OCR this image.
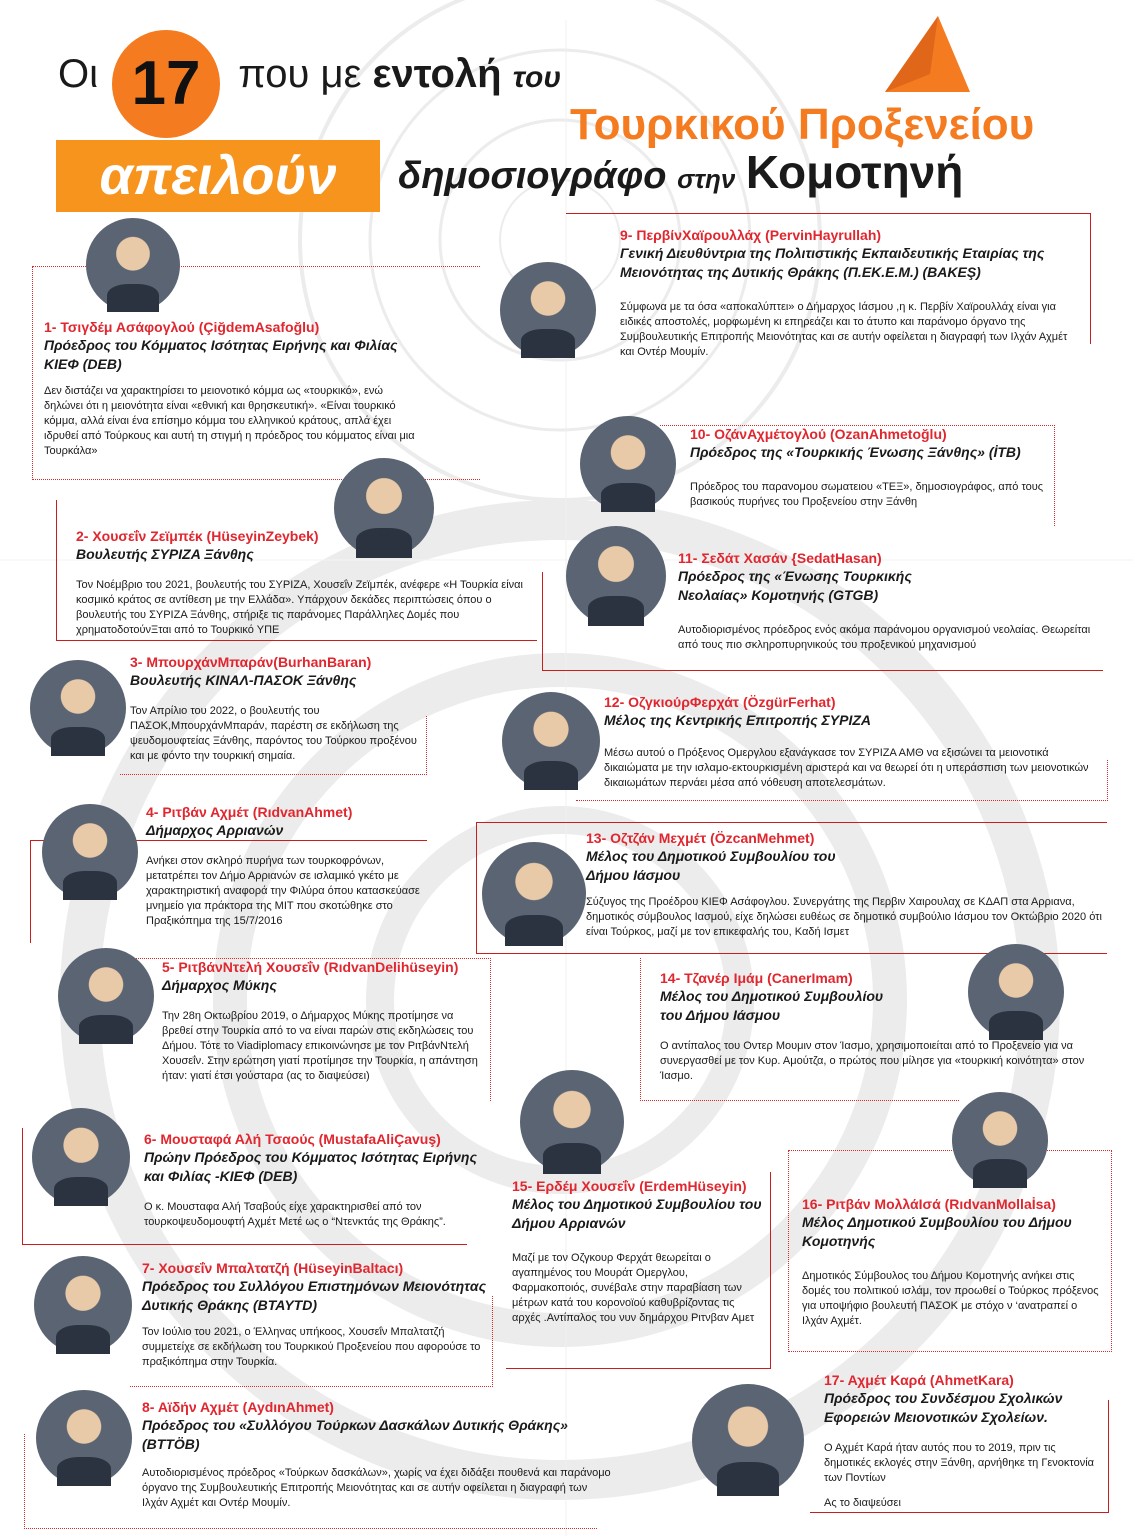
Οι	που με εντολή του
17
Τουρκικού Προξενείου
απειλούν	δημοσιογράφο στην Κομοτηνή
1- Τσιγδέμ Ασάφογλού (ÇiğdemAsafoğlu)
Πρόεδρος του Κόμματος Ισότητας Ειρήνης και Φιλίας ΚΙΕΦ (DEB)
Δεν διστάζει να χαρακτηρίσει το μειονοτικό κόμμα ως «τουρκικό», ενώ δηλώνει ότι η μειονότητα είναι «εθνική και θρησκευτική». «Είναι τουρκικό κόμμα, αλλά είναι ένα επίσημο κόμμα του ελληνικού κράτους, απλά έχει ιδρυθεί από Τούρκους και αυτή τη στιγμή η πρόεδρος του κόμματος είναι μια Τουρκάλα»
9- ΠερβίνΧαϊρουλλάχ (PervinHayrullah)
Γενική Διευθύντρια της Πολιτιστικής Εκπαιδευτικής Εταιρίας της Μειονότητας της Δυτικής Θράκης (Π.ΕΚ.Ε.Μ.) (BAKEŞ)
Σύμφωνα με τα όσα «αποκαλύπτει» ο Δήμαρχος Ιάσμου ,η κ. Περβίν Χαϊρουλλάχ είναι για ειδικές αποστολές, μορφωμένη κι επηρεάζει και το άτυπο και παράνομο όργανο της Συμβουλευτικής Επιτροπής Μειονότητας και σε αυτήν οφείλεται η διαγραφή των Ιλχάν Αχμέτ και Οντέρ Μουμίν.
10- ΟζάνΑχμέτογλού (OzanAhmetoğlu)
Πρόεδρος της «Τουρκικής Ένωσης Ξάνθης» (İTB)
Πρόεδρος του παρανομου σωματειου «ΤΕΞ», δημοσιογράφος, από τους βασικούς πυρήνες του Προξενείου στην Ξάνθη
2- Χουσεΐν Ζεϊμπέκ (HüseyinZeybek)
Βουλευτής ΣΥΡΙΖΑ Ξάνθης
Τον Νοέμβριο του 2021, βουλευτής του ΣΥΡΙΖΑ, Χουσεΐν Ζεϊμπέκ, ανέφερε «Η Τουρκία είναι κοσμικό κράτος σε αντίθεση με την Ελλάδα». Υπάρχουν δεκάδες περιπτώσεις όπου ο βουλευτής του ΣΥΡΙΖΑ Ξάνθης, στήριξε τις παράνομες Παράλληλες Δομές που χρηματοδοτούνΞται από το Τουρκικό ΥΠΕ
11- Σεδάτ Χασάν {SedatHasan)
Πρόεδρος της «Ένωσης Τουρκικής Νεολαίας» Κομοτηνής (GTGB)
Αυτοδιορισμένος πρόεδρος ενός ακόμα παράνομου οργανισμού νεολαίας. Θεωρείται από τους πιο σκληροπυρηνικούς του προξενικού μηχανισμού
3- ΜπουρχάνΜπαράν(BurhanBaran)
Βουλευτής ΚΙΝΑΛ-ΠΑΣΟΚ Ξάνθης
Τον Απρίλιο του 2022, ο βουλευτής του ΠΑΣΟΚ,ΜπουρχάνΜπαράν, παρέστη σε εκδήλωση της ψευδομουφτείας Ξάνθης, παρόντος του Τούρκου προξένου και με φόντο την τουρκική σημαία.
12- ΟζγκιούρΦερχάτ (ÖzgürFerhat)
Μέλος της Κεντρικής Επιτροπής ΣΥΡΙΖΑ
Μέσω αυτού ο Πρόξενος Ομεργλου εξανάγκασε τον ΣΥΡΙΖΑ ΑΜΘ να εξισώνει τα μειονοτικά δικαιώματα με την ισλαμο-εκτουρκισμένη αριστερά και να θεωρεί ότι η υπεράσπιση των μειονοτικών δικαιωμάτων περνάει μέσα από νόθευση αποτελεσμάτων.
4- Ριτβάν Αχμέτ (RıdvanAhmet)
Δήμαρχος Αρριανών
Ανήκει στον σκληρό πυρήνα των τουρκοφρόνων, μετατρέπει τον Δήμο Αρριανών σε ισλαμικό γκέτο με χαρακτηριστική αναφορά την Φιλύρα όπου κατασκεύασε μνημείο για πράκτορα της ΜΙΤ που σκοτώθηκε στο Πραξικόπημα της 15/7/2016
13- Οζτζάν Μεχμέτ (ÖzcanMehmet)
Μέλος του Δημοτικού Συμβουλίου του Δήμου Ιάσμου
Σύζυγος της Προέδρου ΚΙΕΦ Ασάφογλου. Συνεργάτης της Περβιν Χαιρουλαχ σε ΚΔΑΠ στα Αρριανα, δημοτικός σύμβουλος Ιασμού, είχε δηλώσει ευθέως σε δημοτικό συμβούλιο Ιάσμου τον Οκτώβριο 2020 ότι είναι Τούρκος, μαζί με τον επικεφαλής του, Καδή Ισμετ
5- ΡιτβάνΝτελή Χουσεΐν (RıdvanDelihüseyin)
Δήμαρχος Μύκης
Την 28η Οκτωβρίου 2019, ο Δήμαρχος Μύκης προτίμησε να βρεθεί στην Τουρκία από το να είναι παρών στις εκδηλώσεις του Δήμου. Τότε το Viadiplomacy επικοινώνησε με τον ΡιτβάνΝτελή Χουσεΐν. Στην ερώτηση γιατί προτίμησε την Τουρκία, η απάντηση ήταν: γιατί έτσι γούσταρα (ας το διαψεύσει)
14- Τζανέρ Ιμάμ (CanerImam)
Μέλος του Δημοτικού Συμβουλίου του Δήμου Ιάσμου
Ο αντίπαλος του Οντερ Μουμιν στον Ίασμο, χρησιμοποιείται από το Προξενείο για να συνεργασθεί με τον Κυρ. Αμούτζα, ο πρώτος που μίλησε για «τουρκική κοινότητα» στον Ίασμο.
6- Μουσταφά Αλή Τσαούς (MustafaAliÇavuş)
Πρώην Πρόεδρος του Κόμματος Ισότητας Ειρήνης και Φιλίας -ΚΙΕΦ (DEB)
Ο κ. Μουσταφα Αλή Τσαβούς είχε χαρακτηρισθεί από τον τουρκοψευδομουφτή Αχμέτ Μετέ ως ο “Ντενκτάς της Θράκης”.
15- Ερδέμ Χουσεΐν (ErdemHüseyin)
Μέλος του Δημοτικού Συμβουλίου του Δήμου Αρριανών
Μαζί με τον Οζγκουρ Φερχάτ θεωρείται ο αγαπημένος του Μουράτ Ομεργλου, Φαρμακοποιός, συνέβαλε στην παραβίαση των μέτρων κατά του κορονοϊού καθυβρίζοντας τις αρχές .Αντίπαλος του νυν δημάρχου Ριτνβαν Αμετ
16- Ριτβάν ΜολλάIσά (RıdvanMollaİsa)
Μέλος Δημοτικού Συμβουλίου του Δήμου Κομοτηνής
Δημοτικός Σύμβουλος του Δήμου Κομοτηνής ανήκει στις δομές του πολιτικού ισλάμ, τον προωθεί ο Τούρκος πρόξενος για υποψήφιο βουλευτή ΠΑΣΟΚ με στόχο ν ‘ανατραπεί ο Ιλχάν Αχμέτ.
7- Χουσεΐν Μπαλτατζή (HüseyinBaltacı)
Πρόεδρος του Συλλόγου Επιστημόνων Μειονότητας Δυτικής Θράκης (BTAYTD)
Τον Ιούλιο του 2021, ο Έλληνας υπήκοος, Χουσεΐν Μπαλτατζή συμμετείχε σε εκδήλωση του Τουρκικού Προξενείου που αφορούσε το πραξικόπημα στην Τουρκία.
17- Αχμέτ Καρά (AhmetKara)
Πρόεδρος του Συνδέσμου Σχολικών Εφορειών Μειονοτικών Σχολείων.
Ο Αχμέτ Καρά ήταν αυτός που το 2019, πριν τις δημοτικές εκλογές στην Ξάνθη, αρνήθηκε τη Γενοκτονία των Ποντίων
Ας το διαψεύσει
8- Αϊδήν Αχμέτ (AydınAhmet)
Πρόεδρος του «Συλλόγου Τούρκων Δασκάλων Δυτικής Θράκης» (BTTÖB)
Αυτοδιορισμένος πρόεδρος «Τούρκων δασκάλων», χωρίς να έχει διδάξει πουθενά και παράνομο όργανο της Συμβουλευτικής Επιτροπής Μειονότητας και σε αυτήν οφείλεται η διαγραφή των Ιλχάν Αχμέτ και Οντέρ Μουμίν.
